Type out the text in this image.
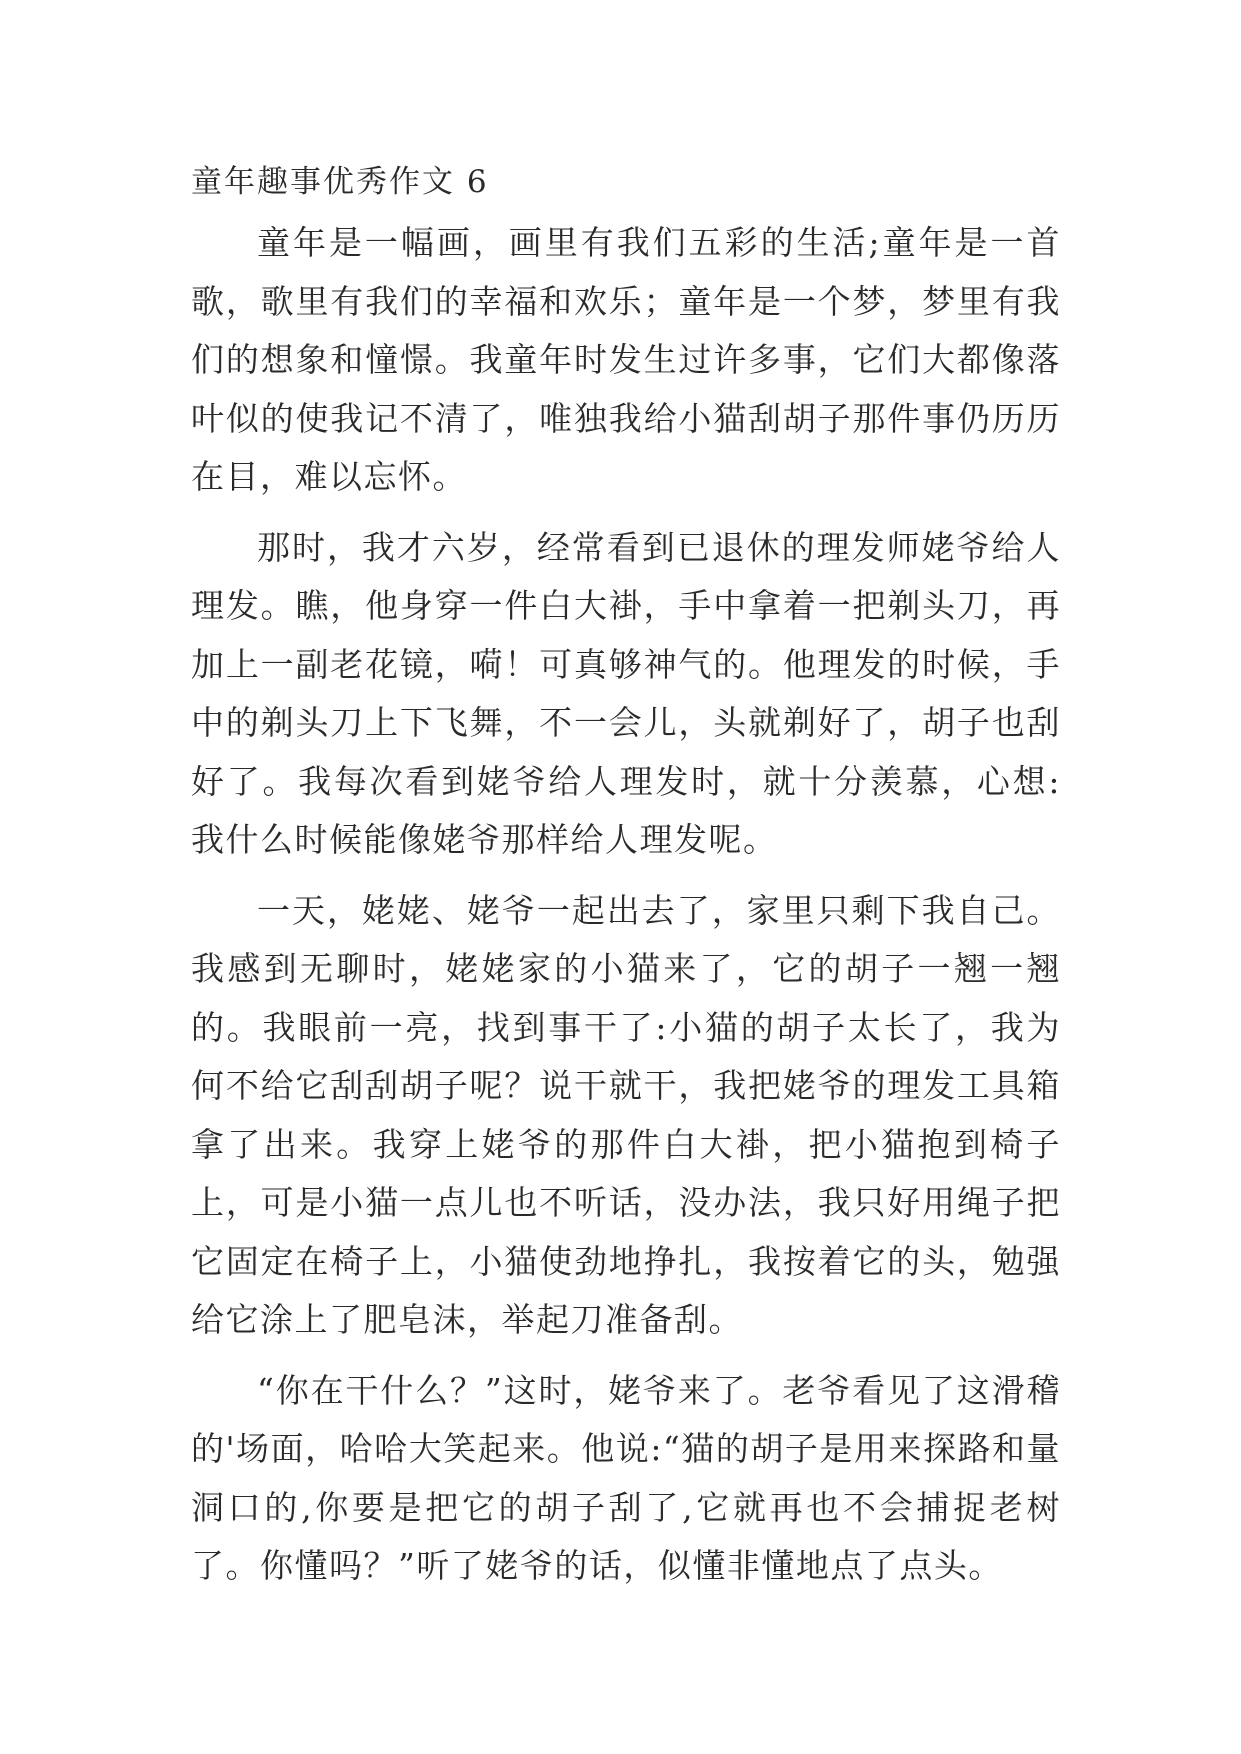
童年趣事优秀作文 6

童年是一幅画，画里有我们五彩的生活;童年是一首歌，歌里有我们的幸福和欢乐；童年是一个梦，梦里有我们的想象和憧憬。我童年时发生过许多事，它们大都像落叶似的使我记不清了，唯独我给小猫刮胡子那件事仍历历在目，难以忘怀。

那时，我才六岁，经常看到已退休的理发师姥爷给人理发。瞧，他身穿一件白大褂，手中拿着一把剃头刀，再加上一副老花镜，嗬！可真够神气的。他理发的时候，手中的剃头刀上下飞舞，不一会儿，头就剃好了，胡子也刮好了。我每次看到姥爷给人理发时，就十分羡慕，心想:我什么时候能像姥爷那样给人理发呢。

一天，姥姥、姥爷一起出去了，家里只剩下我自己。我感到无聊时，姥姥家的小猫来了，它的胡子一翘一翘的。我眼前一亮，找到事干了:小猫的胡子太长了，我为何不给它刮刮胡子呢？说干就干，我把姥爷的理发工具箱拿了出来。我穿上姥爷的那件白大褂，把小猫抱到椅子上，可是小猫一点儿也不听话，没办法，我只好用绳子把它固定在椅子上，小猫使劲地挣扎，我按着它的头，勉强给它涂上了肥皂沫，举起刀准备刮。

“你在干什么？”这时，姥爷来了。老爷看见了这滑稽的'场面，哈哈大笑起来。他说:“猫的胡子是用来探路和量洞口的,你要是把它的胡子刮了,它就再也不会捕捉老树了。你懂吗？”听了姥爷的话，似懂非懂地点了点头。
